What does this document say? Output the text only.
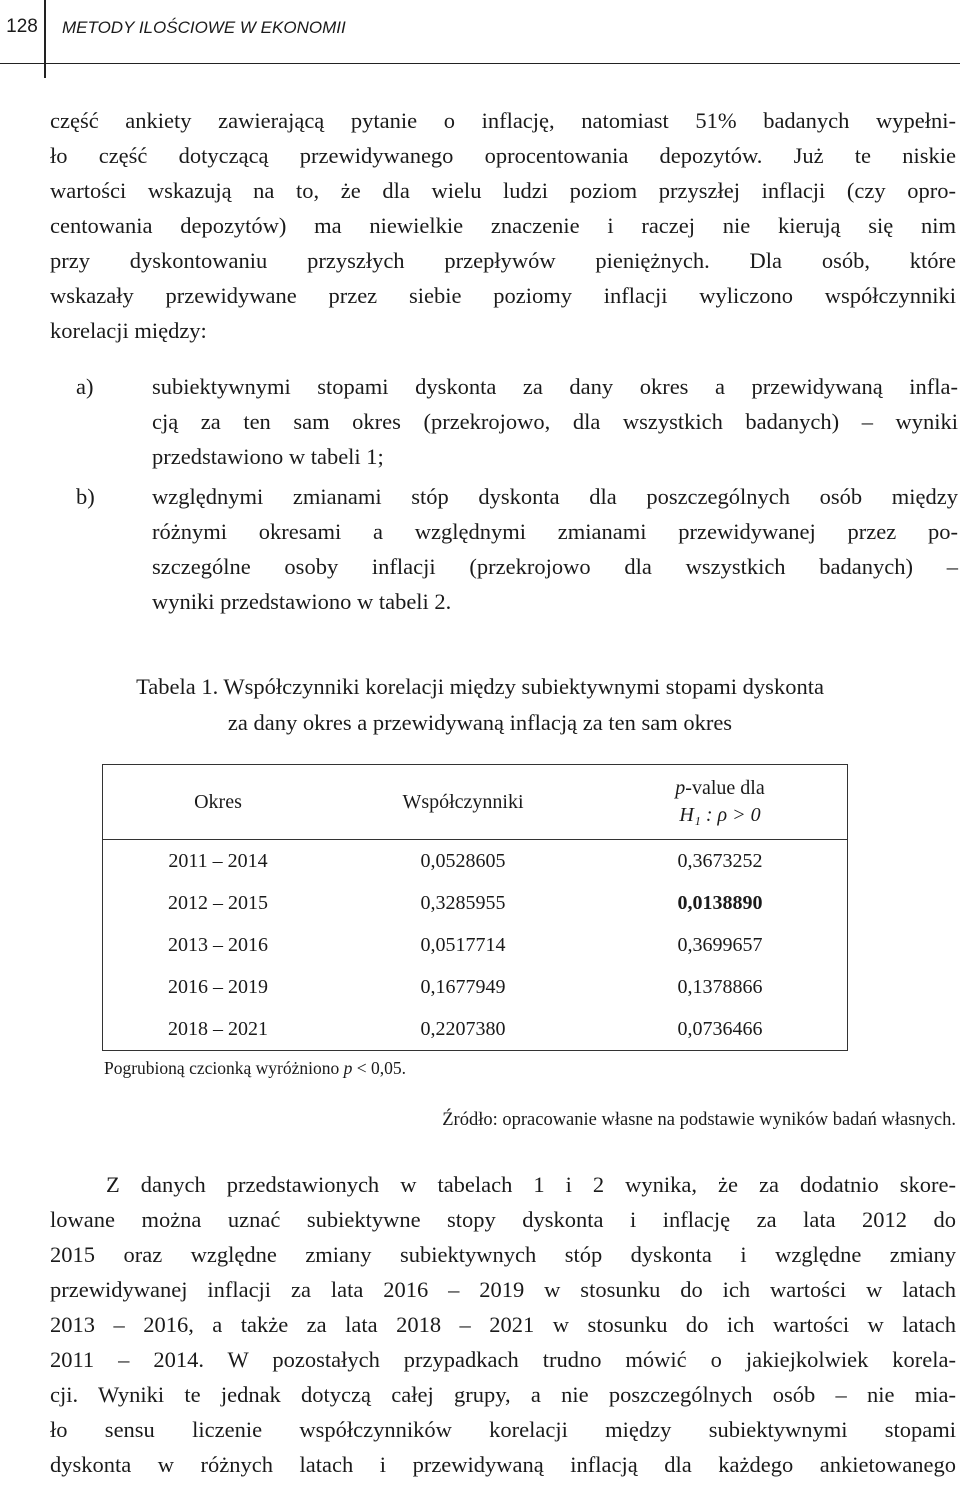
128	METODY ILOŚCIOWE W EKONOMII
część ankiety zawierającą pytanie o inflację, natomiast 51% badanych wypełni-
ło część dotyczącą przewidywanego oprocentowania depozytów. Już te niskie
wartości wskazują na to, że dla wielu ludzi poziom przyszłej inflacji (czy opro-
centowania depozytów) ma niewielkie znaczenie i raczej nie kierują się nim
przy dyskontowaniu przyszłych przepływów pieniężnych. Dla osób, które
wskazały przewidywane przez siebie poziomy inflacji wyliczono współczynniki
korelacji między:
a)	subiektywnymi stopami dyskonta za dany okres a przewidywaną infla-
cją za ten sam okres (przekrojowo, dla wszystkich badanych) – wyniki
przedstawiono w tabeli 1;
b)	względnymi zmianami stóp dyskonta dla poszczególnych osób między
różnymi okresami a względnymi zmianami przewidywanej przez po-
szczególne osoby inflacji (przekrojowo dla wszystkich badanych) –
wyniki przedstawiono w tabeli 2.
Tabela 1. Współczynniki korelacji między subiektywnymi stopami dyskonta
za dany okres a przewidywaną inflacją za ten sam okres
Okres	Współczynniki	p-value dla
H₁ : ρ > 0

2011 – 2014	0,0528605	0,3673252
2012 – 2015	0,3285955	0,0138890
2013 – 2016	0,0517714	0,3699657
2016 – 2019	0,1677949	0,1378866
2018 – 2021	0,2207380	0,0736466
Pogrubioną czcionką wyróżniono p < 0,05.
Źródło: opracowanie własne na podstawie wyników badań własnych.
Z danych przedstawionych w tabelach 1 i 2 wynika, że za dodatnio skore-
lowane można uznać subiektywne stopy dyskonta i inflację za lata 2012 do
2015 oraz względne zmiany subiektywnych stóp dyskonta i względne zmiany
przewidywanej inflacji za lata 2016 – 2019 w stosunku do ich wartości w latach
2013 – 2016, a także za lata 2018 – 2021 w stosunku do ich wartości w latach
2011 – 2014. W pozostałych przypadkach trudno mówić o jakiejkolwiek korela-
cji. Wyniki te jednak dotyczą całej grupy, a nie poszczególnych osób – nie mia-
ło sensu liczenie współczynników korelacji między subiektywnymi stopami
dyskonta w różnych latach i przewidywaną inflacją dla każdego ankietowanego
